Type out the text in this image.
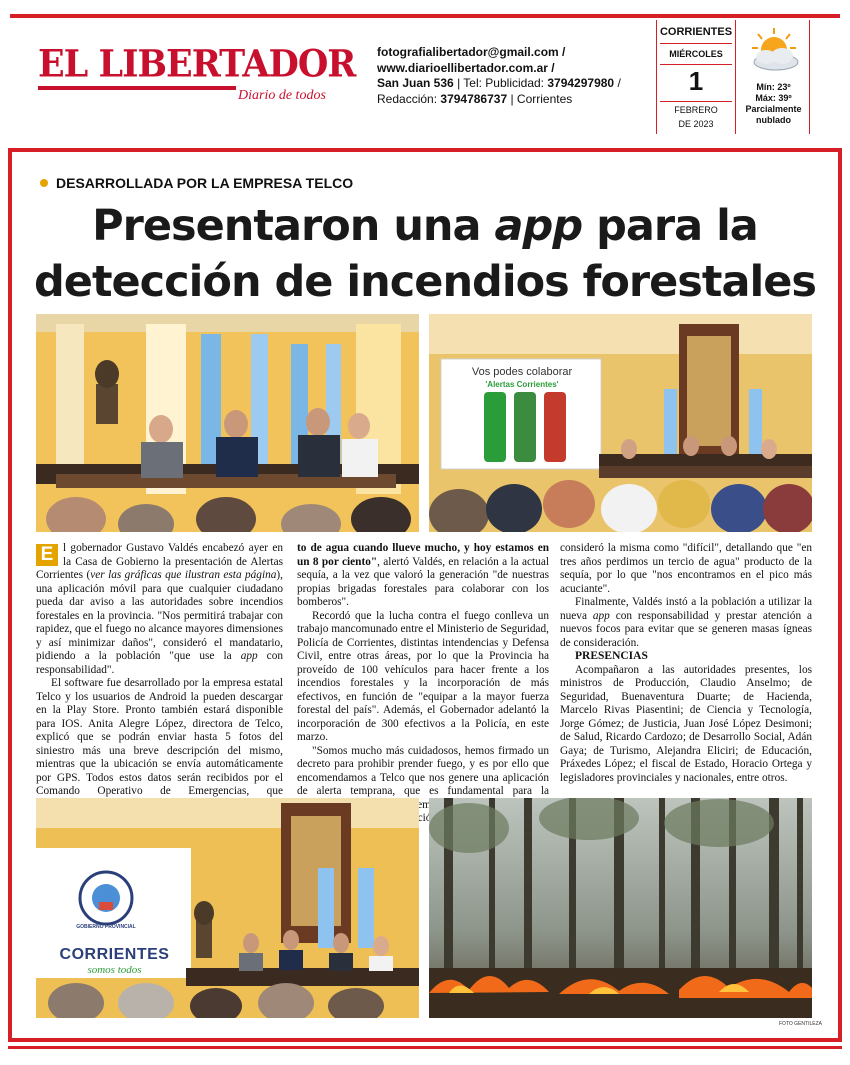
EL LIBERTADOR
Diario de todos
fotografialibertador@gmail.com /
www.diarioellibertador.com.ar /
San Juan 536 | Tel: Publicidad: 3794297980 /
Redacción: 3794786737 | Corrientes
CORRIENTES
MIÉRCOLES
1
FEBRERO
DE 2023
Mín: 23º
Máx: 39º
Parcialmente
nublado
DESARROLLADA POR LA EMPRESA TELCO
Presentaron una app para la
detección de incendios forestales
Vos podes colaborar
'Alertas Corrientes'

E l gobernador Gustavo Valdés encabezó ayer en la Casa de Gobierno la presentación de Alertas Corrientes (ver las gráficas que ilustran esta página), una aplicación móvil para que cualquier ciudadano pueda dar aviso a las autoridades sobre incendios forestales en la provincia. "Nos permitirá trabajar con rapidez, que el fuego no alcance mayores dimensiones y así minimizar daños", consideró el mandatario, pidiendo a la población "que use la app con responsabilidad".

El software fue desarrollado por la empresa estatal Telco y los usuarios de Android la pueden descargar en la Play Store. Pronto también estará disponible para IOS. Anita Alegre López, directora de Telco, explicó que se podrán enviar hasta 5 fotos del siniestro más una breve descripción del mismo, mientras que la ubicación se envía automáticamente por GPS. Todos estos datos serán recibidos por el Comando Operativo de Emergencias, que

to de agua cuando llueve mucho, y hoy estamos en un 8 por ciento", alertó Valdés, en relación a la actual sequía, a la vez que valoró la generación "de nuestras propias brigadas forestales para colaborar con los bomberos".

Recordó que la lucha contra el fuego conlleva un trabajo mancomunado entre el Ministerio de Seguridad, Policía de Corrientes, distintas intendencias y Defensa Civil, entre otras áreas, por lo que la Provincia ha proveído de 100 vehículos para hacer frente a los incendios forestales y la incorporación de más efectivos, en función de "equipar a la mayor fuerza forestal del país". Además, el Gobernador adelantó la incorporación de 300 efectivos a la Policía, en este marzo.

"Somos mucho más cuidadosos, hemos firmado un decreto para prohibir prender fuego, y es por ello que encomendamos a Telco que nos genere una aplicación de alerta temprana, que es fundamental para la tenemos

consideró la misma como "difícil", detallando que "en tres años perdimos un tercio de agua" producto de la sequía, por lo que "nos encontramos en el pico más acuciante".

Finalmente, Valdés instó a la población a utilizar la nueva app con responsabilidad y prestar atención a nuevos focos para evitar que se generen masas ígneas de consideración.

PRESENCIAS

Acompañaron a las autoridades presentes, los ministros de Producción, Claudio Anselmo; de Seguridad, Buenaventura Duarte; de Hacienda, Marcelo Rivas Piasentini; de Ciencia y Tecnología, Jorge Gómez; de Justicia, Juan José López Desimoni; de Salud, Ricardo Cardozo; de Desarrollo Social, Adán Gaya; de Turismo, Alejandra Eliciri; de Educación, Práxedes López; el fiscal de Estado, Horacio Ortega y legisladores provinciales y nacionales, entre otros.

GOBIERNO PROVINCIAL
CORRIENTES
somos todos
FOTO GENTILEZA
